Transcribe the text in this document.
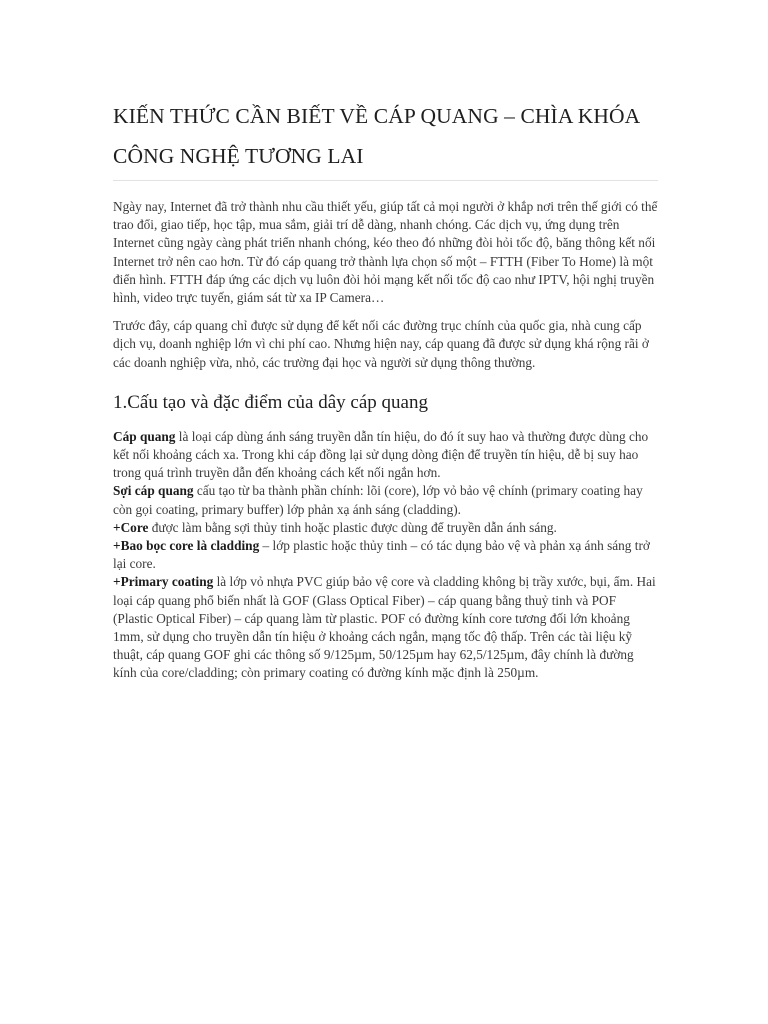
KIẾN THỨC CẦN BIẾT VỀ CÁP QUANG – CHÌA KHÓA CÔNG NGHỆ TƯƠNG LAI

Ngày nay, Internet đã trở thành nhu cầu thiết yếu, giúp tất cả mọi người ở khắp nơi trên thế giới có thể trao đổi, giao tiếp, học tập, mua sắm, giải trí dễ dàng, nhanh chóng. Các dịch vụ, ứng dụng trên Internet cũng ngày càng phát triển nhanh chóng, kéo theo đó những đòi hỏi tốc độ, băng thông kết nối Internet trở nên cao hơn. Từ đó cáp quang trở thành lựa chọn số một – FTTH (Fiber To Home) là một điển hình. FTTH đáp ứng các dịch vụ luôn đòi hỏi mạng kết nối tốc độ cao như IPTV, hội nghị truyền hình, video trực tuyến, giám sát từ xa IP Camera…

Trước đây, cáp quang chỉ được sử dụng để kết nối các đường trục chính của quốc gia, nhà cung cấp dịch vụ, doanh nghiệp lớn vì chi phí cao. Nhưng hiện nay, cáp quang đã được sử dụng khá rộng rãi ở các doanh nghiệp vừa, nhỏ, các trường đại học và người sử dụng thông thường.

1.Cấu tạo và đặc điểm của dây cáp quang

Cáp quang là loại cáp dùng ánh sáng truyền dẫn tín hiệu, do đó ít suy hao và thường được dùng cho kết nối khoảng cách xa. Trong khi cáp đồng lại sử dụng dòng điện để truyền tín hiệu, dễ bị suy hao trong quá trình truyền dẫn đến khoảng cách kết nối ngắn hơn.

Sợi cáp quang cấu tạo từ ba thành phần chính: lõi (core), lớp vỏ bảo vệ chính (primary coating hay còn gọi coating, primary buffer) lớp phản xạ ánh sáng (cladding).

+Core được làm bằng sợi thủy tinh hoặc plastic được dùng để truyền dẫn ánh sáng.

+Bao bọc core là cladding – lớp plastic hoặc thủy tinh – có tác dụng bảo vệ và phản xạ ánh sáng trở lại core.

+Primary coating là lớp vỏ nhựa PVC giúp bảo vệ core và cladding không bị trầy xước, bụi, ẩm. Hai loại cáp quang phổ biến nhất là GOF (Glass Optical Fiber) – cáp quang bằng thuỷ tinh và POF (Plastic Optical Fiber) – cáp quang làm từ plastic. POF có đường kính core tương đối lớn khoảng 1mm, sử dụng cho truyền dẫn tín hiệu ở khoảng cách ngắn, mạng tốc độ thấp. Trên các tài liệu kỹ thuật, cáp quang GOF ghi các thông số 9/125µm, 50/125µm hay 62,5/125µm, đây chính là đường kính của core/cladding; còn primary coating có đường kính mặc định là 250µm.
